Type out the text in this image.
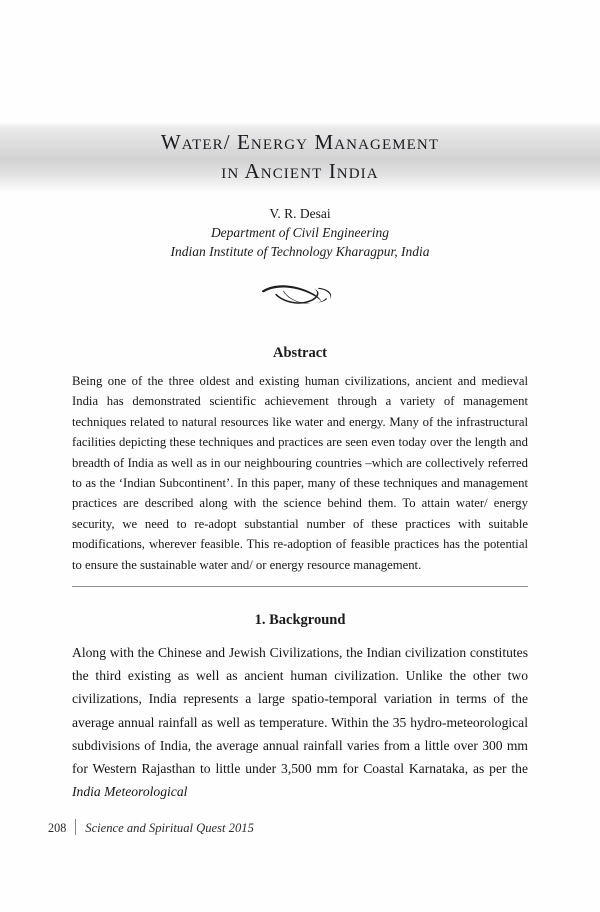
Water/ Energy Management
in Ancient India
V. R. Desai
Department of Civil Engineering
Indian Institute of Technology Kharagpur, India
Abstract
Being one of the three oldest and existing human civilizations, ancient and medieval India has demonstrated scientific achievement through a variety of management techniques related to natural resources like water and energy. Many of the infrastructural facilities depicting these techniques and practices are seen even today over the length and breadth of India as well as in our neighbouring countries –which are collectively referred to as the ‘Indian Subcontinent’. In this paper, many of these techniques and management practices are described along with the science behind them. To attain water/ energy security, we need to re-adopt substantial number of these practices with suitable modifications, wherever feasible. This re-adoption of feasible practices has the potential to ensure the sustainable water and/ or energy resource management.
1. Background
Along with the Chinese and Jewish Civilizations, the Indian civilization constitutes the third existing as well as ancient human civilization. Unlike the other two civilizations, India represents a large spatio-temporal variation in terms of the average annual rainfall as well as temperature. Within the 35 hydro-meteorological subdivisions of India, the average annual rainfall varies from a little over 300 mm for Western Rajasthan to little under 3,500 mm for Coastal Karnataka, as per the India Meteorological
208 Science and Spiritual Quest 2015
